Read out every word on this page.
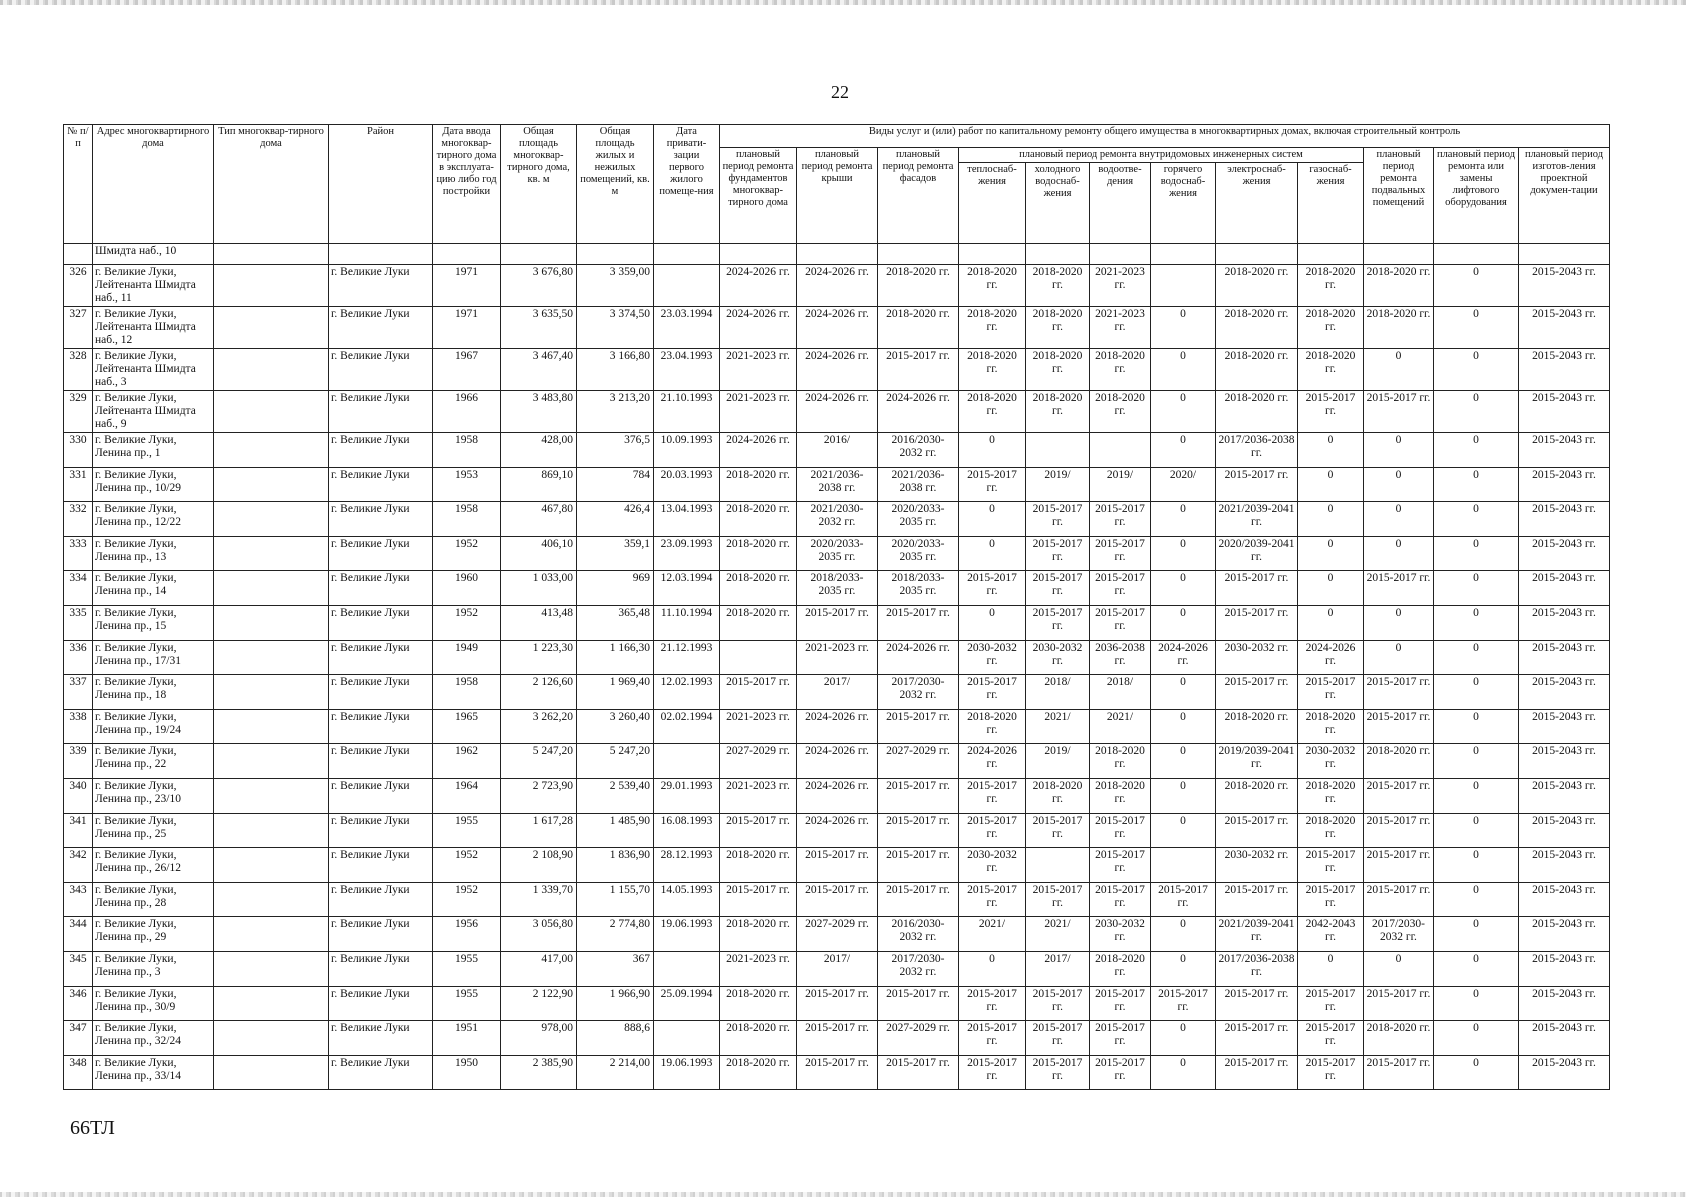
22
№ п/п	Адрес многоквартирного дома	Тип многоквар-тирного дома	Район	Дата ввода многоквар-тирного дома в эксплуата-цию либо год постройки	Общая площадь многоквар-тирного дома, кв. м	Общая площадь жилых и нежилых помещений, кв. м	Дата привати-зации первого жилого помеще-ния	Виды услуг и (или) работ по капитальному ремонту общего имущества в многоквартирных домах, включая строительный контроль											
								плановый период ремонта фундаментов многоквар-тирного дома	плановый период ремонта крыши	плановый период ремонта фасадов	плановый период ремонта внутридомовых инженерных систем						плановый период ремонта подвальных помещений	плановый период ремонта или замены лифтового оборудования	плановый период изготов-ления проектной докумен-тации
											теплоснаб-жения	холодного водоснаб-жения	водоотве-дения	горячего водоснаб-жения	электроснаб-жения	газоснаб-жения			
	Шмидта наб., 10																		
326	г. Великие Луки, Лейтенанта Шмидта наб., 11		г. Великие Луки	1971	3 676,80	3 359,00		2024-2026 гг.	2024-2026 гг.	2018-2020 гг.	2018-2020 гг.	2018-2020 гг.	2021-2023 гг.		2018-2020 гг.	2018-2020 гг.	2018-2020 гг.	0	2015-2043 гг.
327	г. Великие Луки, Лейтенанта Шмидта наб., 12		г. Великие Луки	1971	3 635,50	3 374,50	23.03.1994	2024-2026 гг.	2024-2026 гг.	2018-2020 гг.	2018-2020 гг.	2018-2020 гг.	2021-2023 гг.	0	2018-2020 гг.	2018-2020 гг.	2018-2020 гг.	0	2015-2043 гг.
328	г. Великие Луки, Лейтенанта Шмидта наб., 3		г. Великие Луки	1967	3 467,40	3 166,80	23.04.1993	2021-2023 гг.	2024-2026 гг.	2015-2017 гг.	2018-2020 гг.	2018-2020 гг.	2018-2020 гг.	0	2018-2020 гг.	2018-2020 гг.	0	0	2015-2043 гг.
329	г. Великие Луки, Лейтенанта Шмидта наб., 9		г. Великие Луки	1966	3 483,80	3 213,20	21.10.1993	2021-2023 гг.	2024-2026 гг.	2024-2026 гг.	2018-2020 гг.	2018-2020 гг.	2018-2020 гг.	0	2018-2020 гг.	2015-2017 гг.	2015-2017 гг.	0	2015-2043 гг.
330	г. Великие Луки, Ленина пр., 1		г. Великие Луки	1958	428,00	376,5	10.09.1993	2024-2026 гг.	2016/	2016/2030-2032 гг.	0			0	2017/2036-2038 гг.	0	0	0	2015-2043 гг.
331	г. Великие Луки, Ленина пр., 10/29		г. Великие Луки	1953	869,10	784	20.03.1993	2018-2020 гг.	2021/2036-2038 гг.	2021/2036-2038 гг.	2015-2017 гг.	2019/	2019/	2020/	2015-2017 гг.	0	0	0	2015-2043 гг.
332	г. Великие Луки, Ленина пр., 12/22		г. Великие Луки	1958	467,80	426,4	13.04.1993	2018-2020 гг.	2021/2030-2032 гг.	2020/2033-2035 гг.	0	2015-2017 гг.	2015-2017 гг.	0	2021/2039-2041 гг.	0	0	0	2015-2043 гг.
333	г. Великие Луки, Ленина пр., 13		г. Великие Луки	1952	406,10	359,1	23.09.1993	2018-2020 гг.	2020/2033-2035 гг.	2020/2033-2035 гг.	0	2015-2017 гг.	2015-2017 гг.	0	2020/2039-2041 гг.	0	0	0	2015-2043 гг.
334	г. Великие Луки, Ленина пр., 14		г. Великие Луки	1960	1 033,00	969	12.03.1994	2018-2020 гг.	2018/2033-2035 гг.	2018/2033-2035 гг.	2015-2017 гг.	2015-2017 гг.	2015-2017 гг.	0	2015-2017 гг.	0	2015-2017 гг.	0	2015-2043 гг.
335	г. Великие Луки, Ленина пр., 15		г. Великие Луки	1952	413,48	365,48	11.10.1994	2018-2020 гг.	2015-2017 гг.	2015-2017 гг.	0	2015-2017 гг.	2015-2017 гг.	0	2015-2017 гг.	0	0	0	2015-2043 гг.
336	г. Великие Луки, Ленина пр., 17/31		г. Великие Луки	1949	1 223,30	1 166,30	21.12.1993		2021-2023 гг.	2024-2026 гг.	2030-2032 гг.	2030-2032 гг.	2036-2038 гг.	2024-2026 гг.	2030-2032 гг.	2024-2026 гг.	0	0	2015-2043 гг.
337	г. Великие Луки, Ленина пр., 18		г. Великие Луки	1958	2 126,60	1 969,40	12.02.1993	2015-2017 гг.	2017/	2017/2030-2032 гг.	2015-2017 гг.	2018/	2018/	0	2015-2017 гг.	2015-2017 гг.	2015-2017 гг.	0	2015-2043 гг.
338	г. Великие Луки, Ленина пр., 19/24		г. Великие Луки	1965	3 262,20	3 260,40	02.02.1994	2021-2023 гг.	2024-2026 гг.	2015-2017 гг.	2018-2020 гг.	2021/	2021/	0	2018-2020 гг.	2018-2020 гг.	2015-2017 гг.	0	2015-2043 гг.
339	г. Великие Луки, Ленина пр., 22		г. Великие Луки	1962	5 247,20	5 247,20		2027-2029 гг.	2024-2026 гг.	2027-2029 гг.	2024-2026 гг.	2019/	2018-2020 гг.	0	2019/2039-2041 гг.	2030-2032 гг.	2018-2020 гг.	0	2015-2043 гг.
340	г. Великие Луки, Ленина пр., 23/10		г. Великие Луки	1964	2 723,90	2 539,40	29.01.1993	2021-2023 гг.	2024-2026 гг.	2015-2017 гг.	2015-2017 гг.	2018-2020 гг.	2018-2020 гг.	0	2018-2020 гг.	2018-2020 гг.	2015-2017 гг.	0	2015-2043 гг.
341	г. Великие Луки, Ленина пр., 25		г. Великие Луки	1955	1 617,28	1 485,90	16.08.1993	2015-2017 гг.	2024-2026 гг.	2015-2017 гг.	2015-2017 гг.	2015-2017 гг.	2015-2017 гг.	0	2015-2017 гг.	2018-2020 гг.	2015-2017 гг.	0	2015-2043 гг.
342	г. Великие Луки, Ленина пр., 26/12		г. Великие Луки	1952	2 108,90	1 836,90	28.12.1993	2018-2020 гг.	2015-2017 гг.	2015-2017 гг.	2030-2032 гг.		2015-2017 гг.		2030-2032 гг.	2015-2017 гг.	2015-2017 гг.	0	2015-2043 гг.
343	г. Великие Луки, Ленина пр., 28		г. Великие Луки	1952	1 339,70	1 155,70	14.05.1993	2015-2017 гг.	2015-2017 гг.	2015-2017 гг.	2015-2017 гг.	2015-2017 гг.	2015-2017 гг.	2015-2017 гг.	2015-2017 гг.	2015-2017 гг.	2015-2017 гг.	0	2015-2043 гг.
344	г. Великие Луки, Ленина пр., 29		г. Великие Луки	1956	3 056,80	2 774,80	19.06.1993	2018-2020 гг.	2027-2029 гг.	2016/2030-2032 гг.	2021/	2021/	2030-2032 гг.	0	2021/2039-2041 гг.	2042-2043 гг.	2017/2030-2032 гг.	0	2015-2043 гг.
345	г. Великие Луки, Ленина пр., 3		г. Великие Луки	1955	417,00	367		2021-2023 гг.	2017/	2017/2030-2032 гг.	0	2017/	2018-2020 гг.	0	2017/2036-2038 гг.	0	0	0	2015-2043 гг.
346	г. Великие Луки, Ленина пр., 30/9		г. Великие Луки	1955	2 122,90	1 966,90	25.09.1994	2018-2020 гг.	2015-2017 гг.	2015-2017 гг.	2015-2017 гг.	2015-2017 гг.	2015-2017 гг.	2015-2017 гг.	2015-2017 гг.	2015-2017 гг.	2015-2017 гг.	0	2015-2043 гг.
347	г. Великие Луки, Ленина пр., 32/24		г. Великие Луки	1951	978,00	888,6		2018-2020 гг.	2015-2017 гг.	2027-2029 гг.	2015-2017 гг.	2015-2017 гг.	2015-2017 гг.	0	2015-2017 гг.	2015-2017 гг.	2018-2020 гг.	0	2015-2043 гг.
348	г. Великие Луки, Ленина пр., 33/14		г. Великие Луки	1950	2 385,90	2 214,00	19.06.1993	2018-2020 гг.	2015-2017 гг.	2015-2017 гг.	2015-2017 гг.	2015-2017 гг.	2015-2017 гг.	0	2015-2017 гг.	2015-2017 гг.	2015-2017 гг.	0	2015-2043 гг.
66ТЛ
